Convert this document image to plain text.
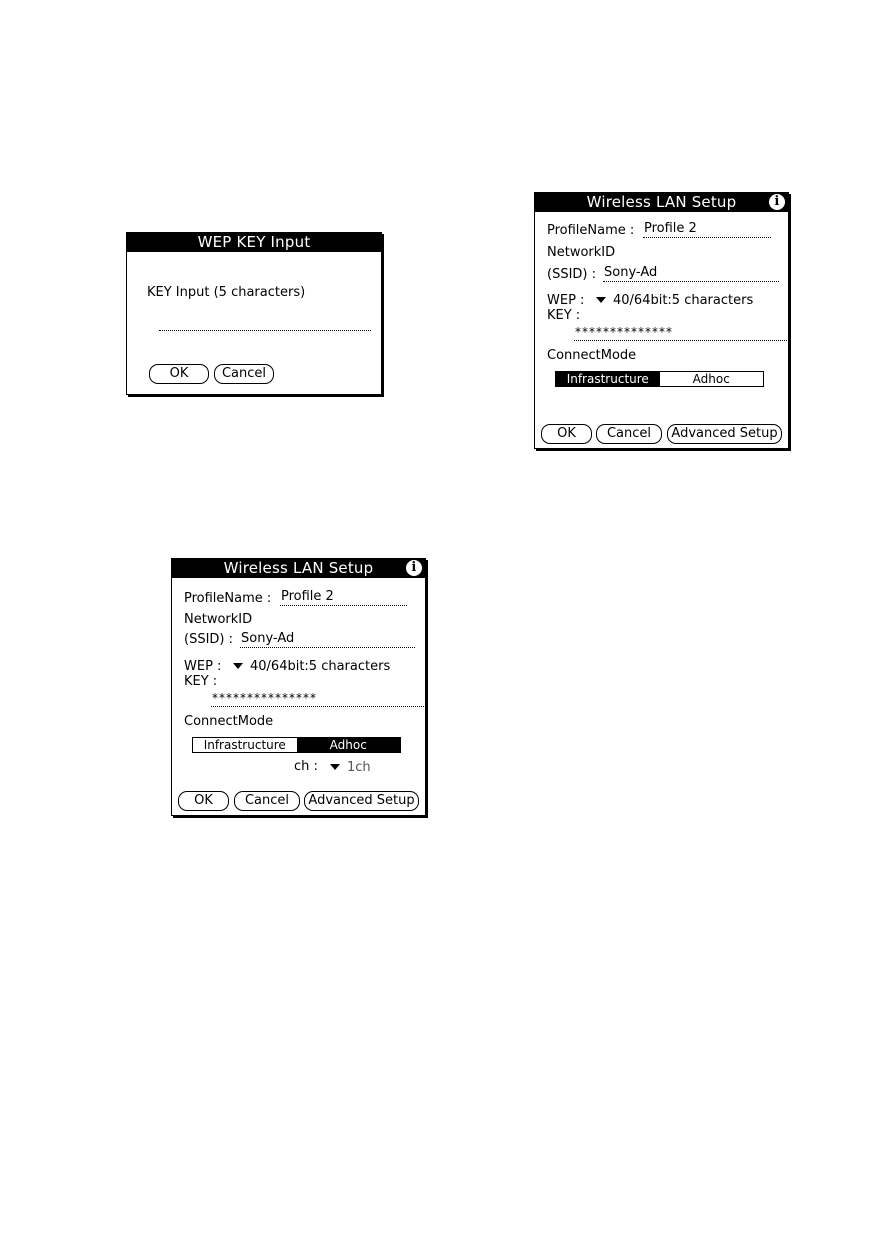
WEP KEY Input
KEY Input (5 characters)
OK	Cancel
Wireless LAN Setup	i
ProfileName : Profile 2
NetworkID
(SSID) : Sony-Ad
WEP : 40/64bit:5 characters
KEY :
**************
ConnectMode
Infrastructure	Adhoc
OK	Cancel	Advanced Setup
Wireless LAN Setup	i
ProfileName : Profile 2
NetworkID
(SSID) : Sony-Ad
WEP : 40/64bit:5 characters
KEY :
***************
ConnectMode
Infrastructure	Adhoc
ch : 1ch
OK	Cancel	Advanced Setup
